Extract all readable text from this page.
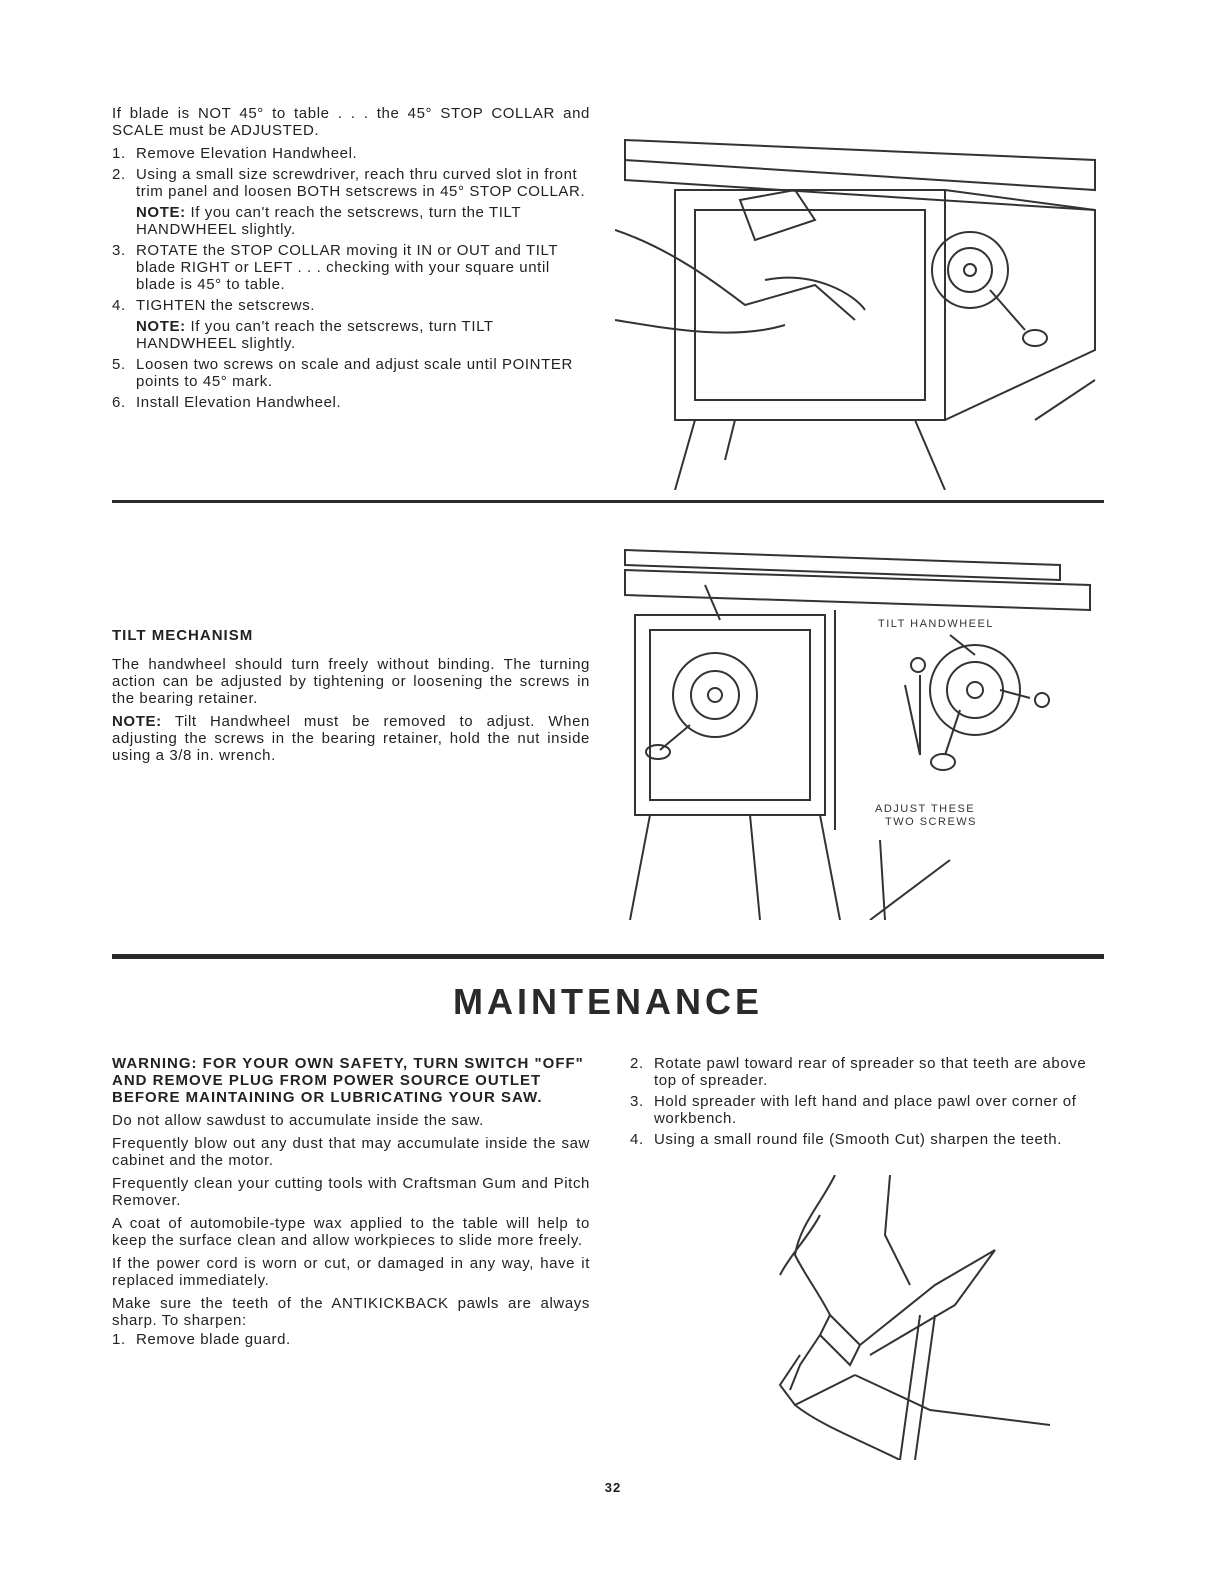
If blade is NOT 45° to table . . . the 45° STOP COLLAR and SCALE must be ADJUSTED.

1. Remove Elevation Handwheel.
2. Using a small size screwdriver, reach thru curved slot in front trim panel and loosen BOTH setscrews in 45° STOP COLLAR.
NOTE: If you can't reach the setscrews, turn the TILT HANDWHEEL slightly.
3. ROTATE the STOP COLLAR moving it IN or OUT and TILT blade RIGHT or LEFT . . . checking with your square until blade is 45° to table.
4. TIGHTEN the setscrews.
NOTE: If you can't reach the setscrews, turn TILT HANDWHEEL slightly.
5. Loosen two screws on scale and adjust scale until POINTER points to 45° mark.
6. Install Elevation Handwheel.
TILT MECHANISM

The handwheel should turn freely without binding. The turning action can be adjusted by tightening or loosening the screws in the bearing retainer.

NOTE: Tilt Handwheel must be removed to adjust. When adjusting the screws in the bearing retainer, hold the nut inside using a 3/8 in. wrench.

TILT HANDWHEEL
ADJUST THESE
TWO SCREWS
MAINTENANCE

WARNING: FOR YOUR OWN SAFETY, TURN SWITCH "OFF" AND REMOVE PLUG FROM POWER SOURCE OUTLET BEFORE MAINTAINING OR LUBRICATING YOUR SAW.

Do not allow sawdust to accumulate inside the saw.

Frequently blow out any dust that may accumulate inside the saw cabinet and the motor.

Frequently clean your cutting tools with Craftsman Gum and Pitch Remover.

A coat of automobile-type wax applied to the table will help to keep the surface clean and allow workpieces to slide more freely.

If the power cord is worn or cut, or damaged in any way, have it replaced immediately.

Make sure the teeth of the ANTIKICKBACK pawls are always sharp. To sharpen:

1. Remove blade guard.
2. Rotate pawl toward rear of spreader so that teeth are above top of spreader.
3. Hold spreader with left hand and place pawl over corner of workbench.
4. Using a small round file (Smooth Cut) sharpen the teeth.
32
